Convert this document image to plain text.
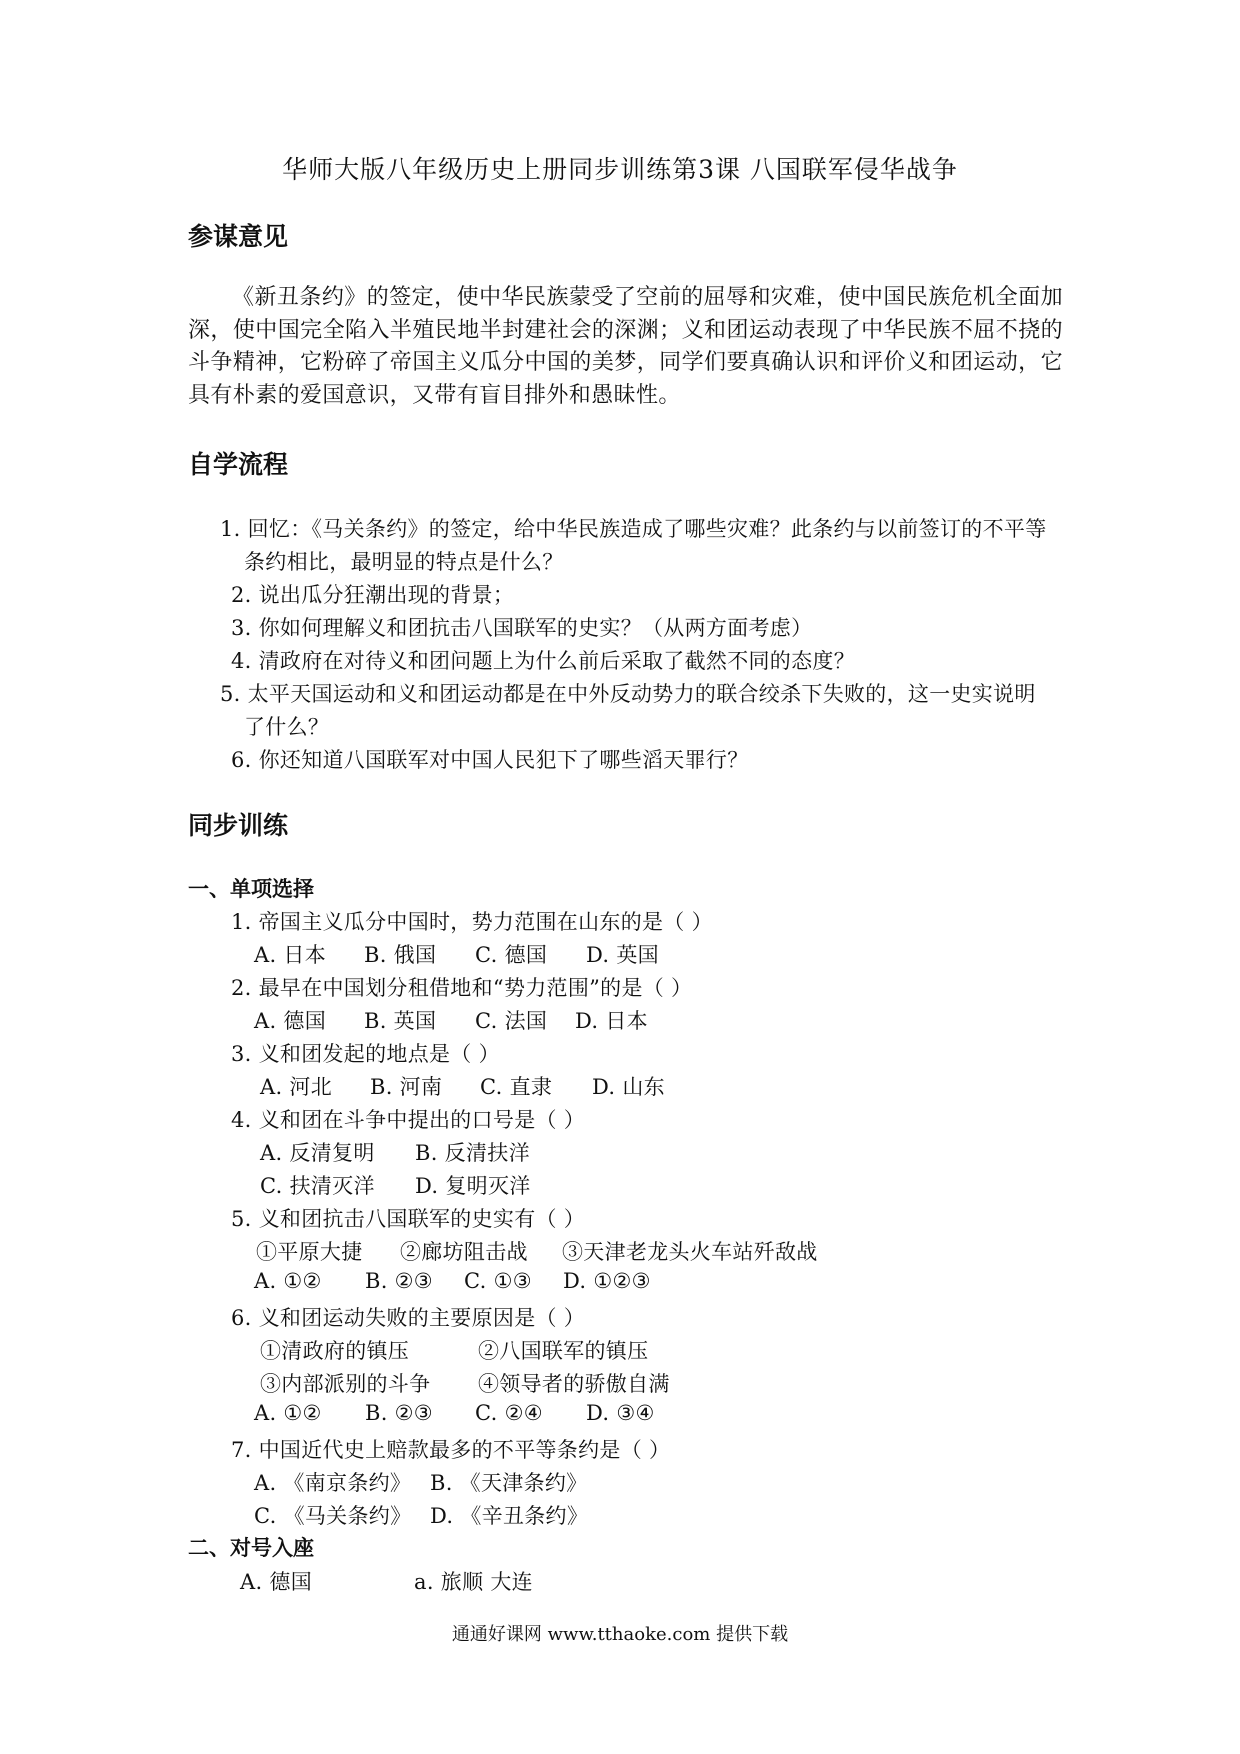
华师大版八年级历史上册同步训练第3课 八国联军侵华战争
参谋意见
《新丑条约》的签定，使中华民族蒙受了空前的屈辱和灾难，使中国民族危机全面加深，使中国完全陷入半殖民地半封建社会的深渊；义和团运动表现了中华民族不屈不挠的斗争精神，它粉碎了帝国主义瓜分中国的美梦，同学们要真确认识和评价义和团运动，它具有朴素的爱国意识，又带有盲目排外和愚昧性。
自学流程
1. 回忆：《马关条约》的签定，给中华民族造成了哪些灾难？此条约与以前签订的不平等
条约相比，最明显的特点是什么？
2. 说出瓜分狂潮出现的背景；
3. 你如何理解义和团抗击八国联军的史实？（从两方面考虑）
4. 清政府在对待义和团问题上为什么前后采取了截然不同的态度？
5. 太平天国运动和义和团运动都是在中外反动势力的联合绞杀下失败的，这一史实说明
了什么？
6. 你还知道八国联军对中国人民犯下了哪些滔天罪行？
同步训练
一、单项选择
1. 帝国主义瓜分中国时，势力范围在山东的是（ ）
A. 日本 B. 俄国 C. 德国 D. 英国
2. 最早在中国划分租借地和“势力范围”的是（ ）
A. 德国 B. 英国 C. 法国 D. 日本
3. 义和团发起的地点是（ ）
A. 河北 B. 河南 C. 直隶 D. 山东
4. 义和团在斗争中提出的口号是（ ）
A. 反清复明 B. 反清扶洋
C. 扶清灭洋 D. 复明灭洋
5. 义和团抗击八国联军的史实有（ ）
①平原大捷 ②廊坊阻击战 ③天津老龙头火车站歼敌战
A. ①② B. ②③ C. ①③ D. ①②③
6. 义和团运动失败的主要原因是（ ）
①清政府的镇压	②八国联军的镇压
③内部派别的斗争 ④领导者的骄傲自满
A. ①② B. ②③ C. ②④ D. ③④
7. 中国近代史上赔款最多的不平等条约是（ ）
A. 《南京条约》 B. 《天津条约》
C. 《马关条约》 D. 《辛丑条约》
二、对号入座
A. 德国	a. 旅顺 大连
通通好课网 www.tthaoke.com 提供下载
